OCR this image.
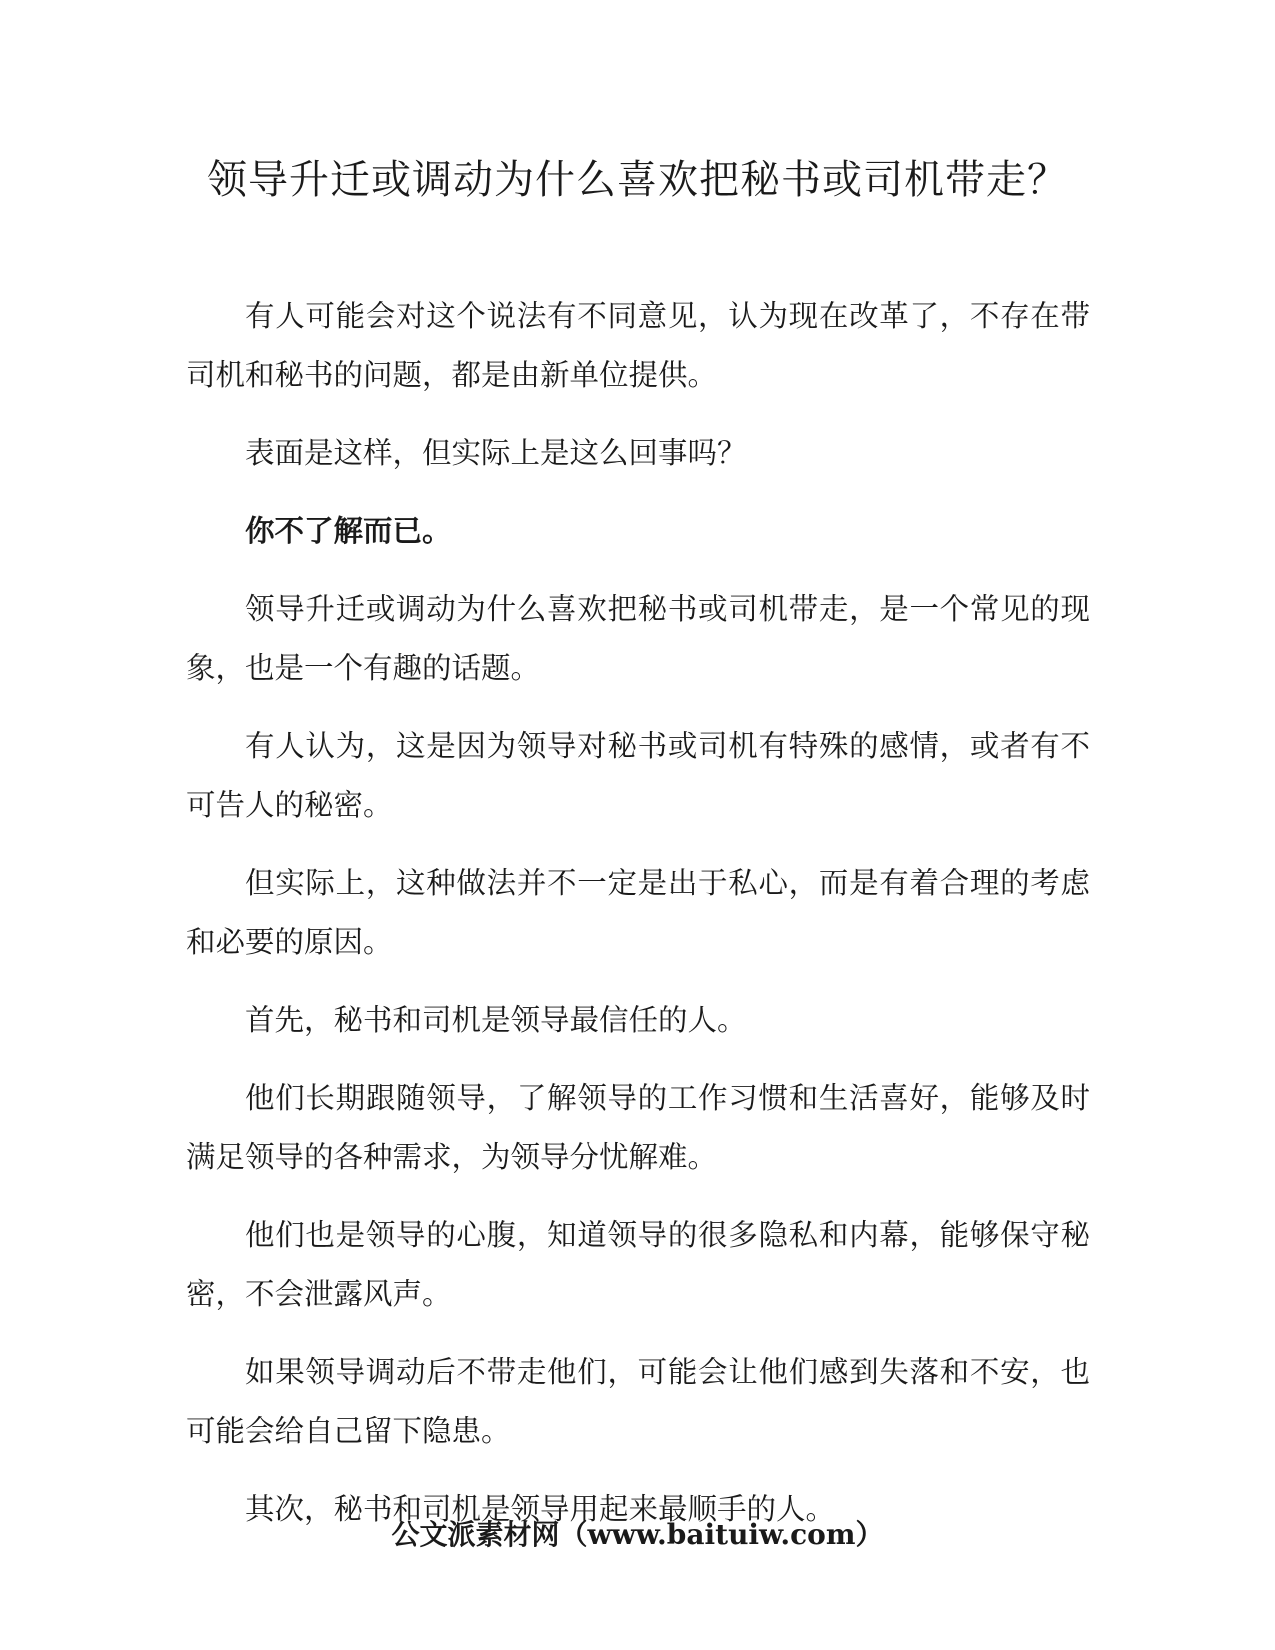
领导升迁或调动为什么喜欢把秘书或司机带走？

有人可能会对这个说法有不同意见，认为现在改革了，不存在带司机和秘书的问题，都是由新单位提供。

表面是这样，但实际上是这么回事吗？

你不了解而已。

领导升迁或调动为什么喜欢把秘书或司机带走，是一个常见的现象，也是一个有趣的话题。

有人认为，这是因为领导对秘书或司机有特殊的感情，或者有不可告人的秘密。

但实际上，这种做法并不一定是出于私心，而是有着合理的考虑和必要的原因。

首先，秘书和司机是领导最信任的人。

他们长期跟随领导，了解领导的工作习惯和生活喜好，能够及时满足领导的各种需求，为领导分忧解难。

他们也是领导的心腹，知道领导的很多隐私和内幕，能够保守秘密，不会泄露风声。

如果领导调动后不带走他们，可能会让他们感到失落和不安，也可能会给自己留下隐患。

其次，秘书和司机是领导用起来最顺手的人。

公文派素材网（www.baituiw.com）
